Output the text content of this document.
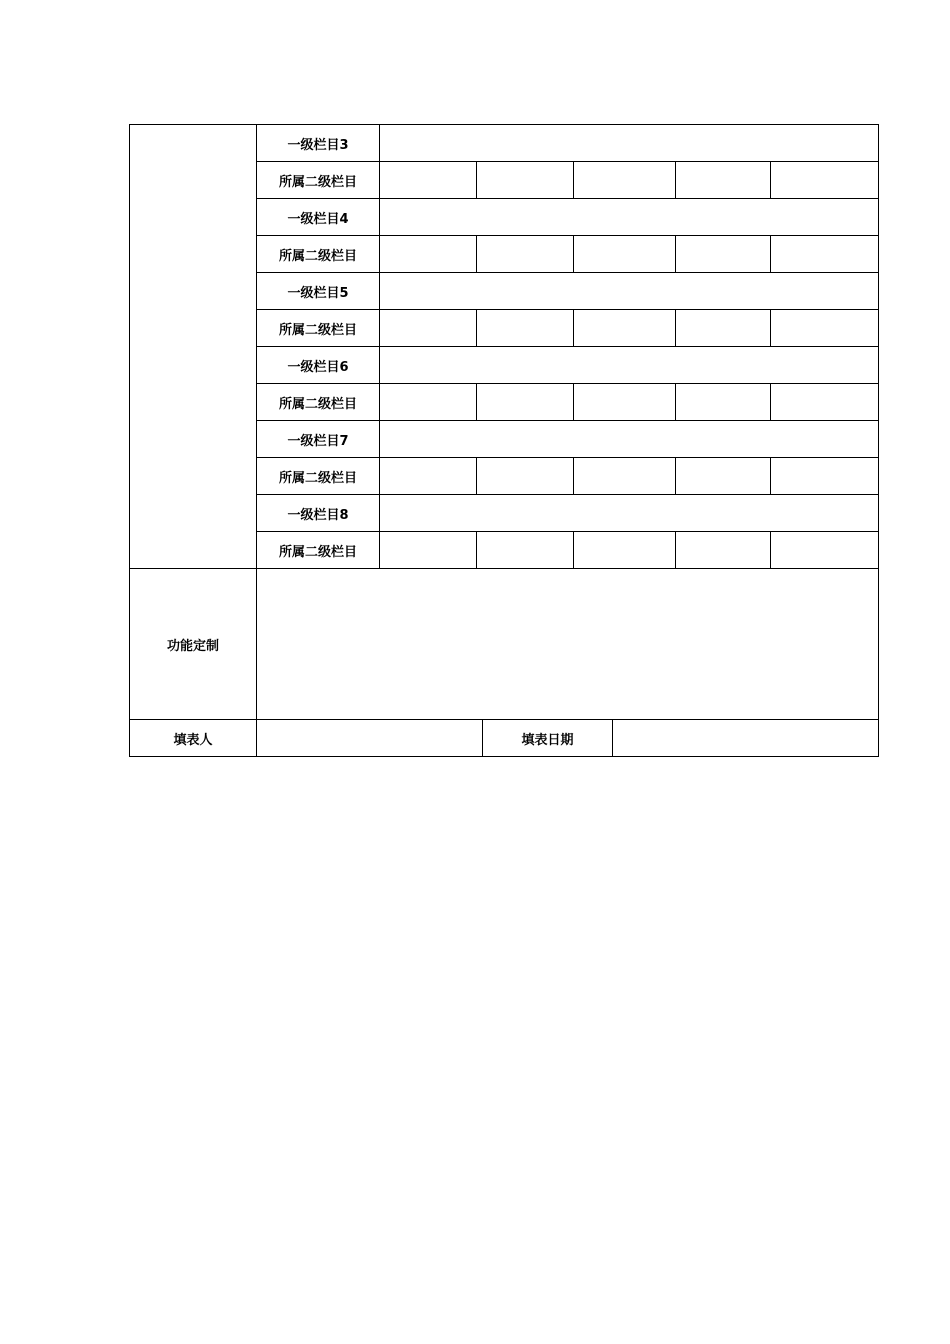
	一级栏目3							
	所属二级栏目							
	一级栏目4							
	所属二级栏目							
	一级栏目5							
	所属二级栏目							
	一级栏目6							
	所属二级栏目							
	一级栏目7							
	所属二级栏目							
	一级栏目8							
	所属二级栏目							
功能定制								
填表人				填表日期				
